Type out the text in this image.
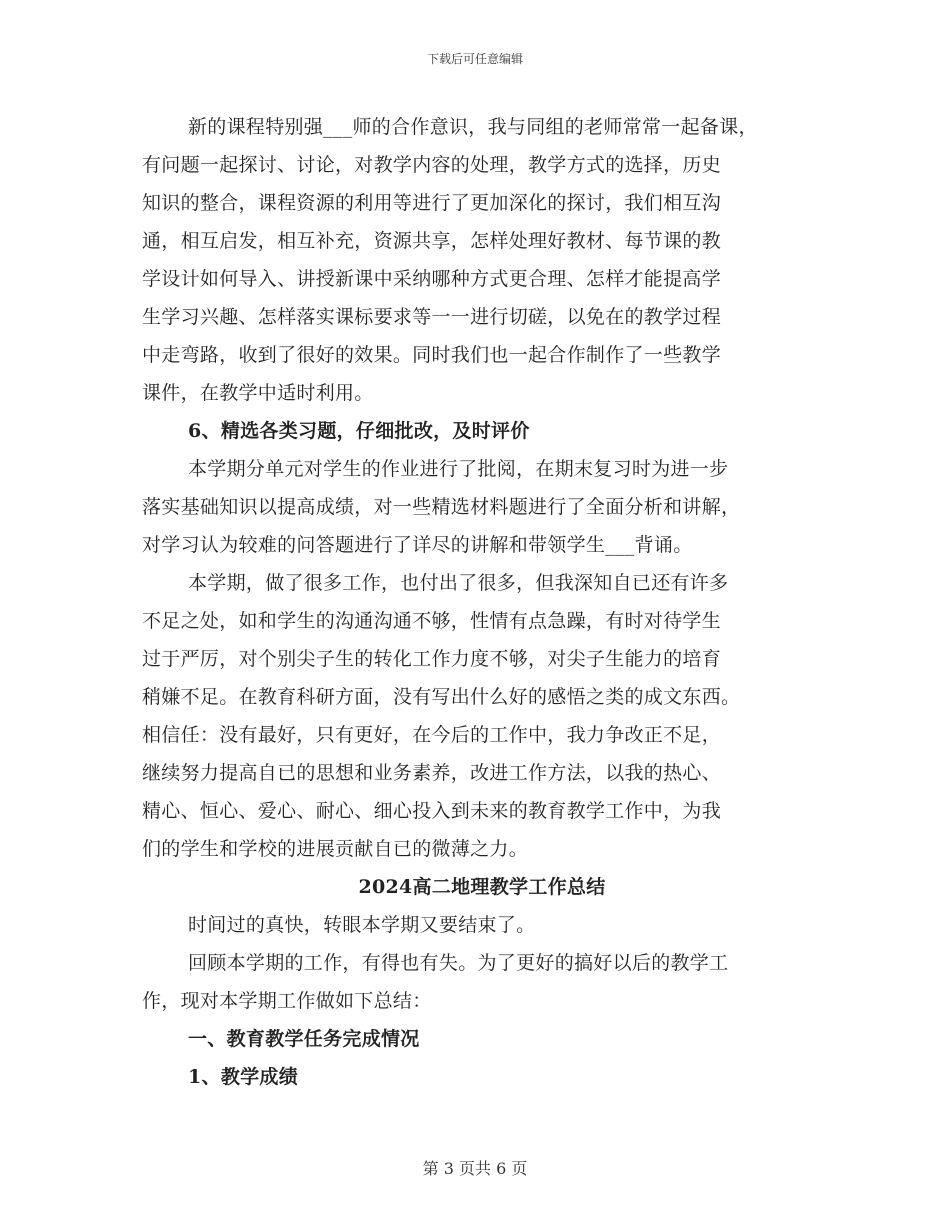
下载后可任意编辑

新的课程特别强___师的合作意识，我与同组的老师常常一起备课，

有问题一起探讨、讨论，对教学内容的处理，教学方式的选择，历史

知识的整合，课程资源的利用等进行了更加深化的探讨，我们相互沟

通，相互启发，相互补充，资源共享，怎样处理好教材、每节课的教

学设计如何导入、讲授新课中采纳哪种方式更合理、怎样才能提高学

生学习兴趣、怎样落实课标要求等一一进行切磋，以免在的教学过程

中走弯路，收到了很好的效果。同时我们也一起合作制作了一些教学

课件，在教学中适时利用。

6、精选各类习题，仔细批改，及时评价

本学期分单元对学生的作业进行了批阅，在期末复习时为进一步

落实基础知识以提高成绩，对一些精选材料题进行了全面分析和讲解，

对学习认为较难的问答题进行了详尽的讲解和带领学生___背诵。

本学期，做了很多工作，也付出了很多，但我深知自已还有许多

不足之处，如和学生的沟通沟通不够，性情有点急躁，有时对待学生

过于严厉，对个别尖子生的转化工作力度不够，对尖子生能力的培育

稍嫌不足。在教育科研方面，没有写出什么好的感悟之类的成文东西。

相信任：没有最好，只有更好，在今后的工作中，我力争改正不足，

继续努力提高自已的思想和业务素养，改进工作方法，以我的热心、

精心、恒心、爱心、耐心、细心投入到未来的教育教学工作中，为我

们的学生和学校的进展贡献自已的微薄之力。

2024高二地理教学工作总结

时间过的真快，转眼本学期又要结束了。

回顾本学期的工作，有得也有失。为了更好的搞好以后的教学工

作，现对本学期工作做如下总结：

一、教育教学任务完成情况

1、教学成绩

第 3 页共 6 页
